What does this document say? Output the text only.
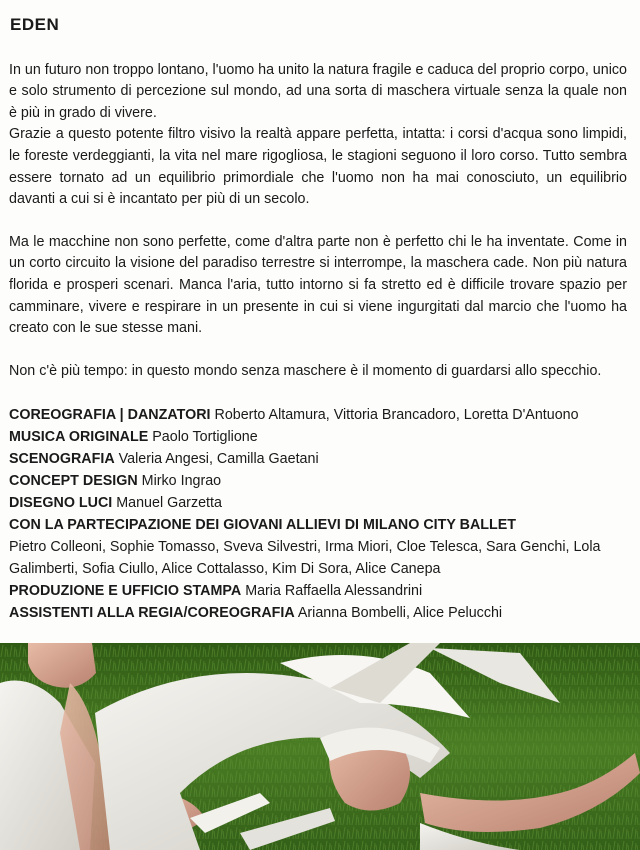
EDEN

In un futuro non troppo lontano, l'uomo ha unito la natura fragile e caduca del proprio corpo, unico e solo strumento di percezione sul mondo, ad una sorta di maschera virtuale senza la quale non è più in grado di vivere.

Grazie a questo potente filtro visivo la realtà appare perfetta, intatta: i corsi d'acqua sono limpidi, le foreste verdeggianti, la vita nel mare rigogliosa, le stagioni seguono il loro corso. Tutto sembra essere tornato ad un equilibrio primordiale che l'uomo non ha mai conosciuto, un equilibrio davanti a cui si è incantato per più di un secolo.

Ma le macchine non sono perfette, come d'altra parte non è perfetto chi le ha inventate. Come in un corto circuito la visione del paradiso terrestre si interrompe, la maschera cade. Non più natura florida e prosperi scenari. Manca l'aria, tutto intorno si fa stretto ed è difficile trovare spazio per camminare, vivere e respirare in un presente in cui si viene ingurgitati dal marcio che l'uomo ha creato con le sue stesse mani.

Non c'è più tempo: in questo mondo senza maschere è il momento di guardarsi allo specchio.

COREOGRAFIA | DANZATORI Roberto Altamura, Vittoria Brancadoro, Loretta D'Antuono

MUSICA ORIGINALE Paolo Tortiglione

SCENOGRAFIA Valeria Angesi, Camilla Gaetani

CONCEPT DESIGN Mirko Ingrao

DISEGNO LUCI Manuel Garzetta

CON LA PARTECIPAZIONE DEI GIOVANI ALLIEVI DI MILANO CITY BALLET

Pietro Colleoni, Sophie Tomasso, Sveva Silvestri, Irma Miori, Cloe Telesca, Sara Genchi, Lola Galimberti, Sofia Ciullo, Alice Cottalasso, Kim Di Sora, Alice Canepa

PRODUZIONE E UFFICIO STAMPA Maria Raffaella Alessandrini

ASSISTENTI ALLA REGIA/COREOGRAFIA Arianna Bombelli, Alice Pelucchi
